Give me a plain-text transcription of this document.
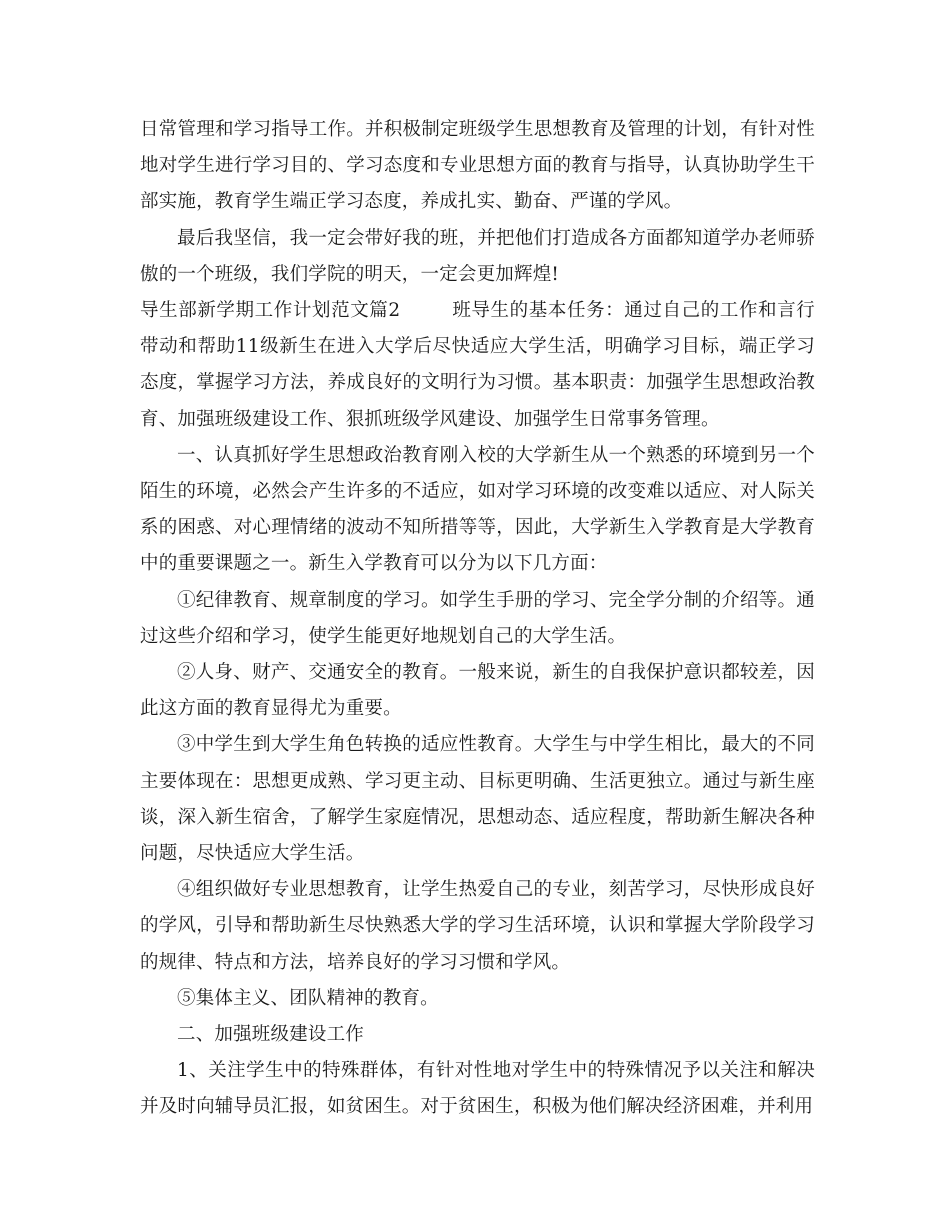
日常管理和学习指导工作。并积极制定班级学生思想教育及管理的计划，有针对性地对学生进行学习目的、学习态度和专业思想方面的教育与指导，认真协助学生干部实施，教育学生端正学习态度，养成扎实、勤奋、严谨的学风。

最后我坚信，我一定会带好我的班，并把他们打造成各方面都知道学办老师骄傲的一个班级，我们学院的明天，一定会更加辉煌!

导生部新学期工作计划范文篇2	班导生的基本任务：通过自己的工作和言行带动和帮助11级新生在进入大学后尽快适应大学生活，明确学习目标，端正学习态度，掌握学习方法，养成良好的文明行为习惯。基本职责：加强学生思想政治教育、加强班级建设工作、狠抓班级学风建设、加强学生日常事务管理。

一、认真抓好学生思想政治教育刚入校的大学新生从一个熟悉的环境到另一个陌生的环境，必然会产生许多的不适应，如对学习环境的改变难以适应、对人际关系的困惑、对心理情绪的波动不知所措等等，因此，大学新生入学教育是大学教育中的重要课题之一。新生入学教育可以分为以下几方面：

①纪律教育、规章制度的学习。如学生手册的学习、完全学分制的介绍等。通过这些介绍和学习，使学生能更好地规划自己的大学生活。

②人身、财产、交通安全的教育。一般来说，新生的自我保护意识都较差，因此这方面的教育显得尤为重要。

③中学生到大学生角色转换的适应性教育。大学生与中学生相比，最大的不同主要体现在：思想更成熟、学习更主动、目标更明确、生活更独立。通过与新生座谈，深入新生宿舍，了解学生家庭情况，思想动态、适应程度，帮助新生解决各种问题，尽快适应大学生活。

④组织做好专业思想教育，让学生热爱自己的专业，刻苦学习，尽快形成良好的学风，引导和帮助新生尽快熟悉大学的学习生活环境，认识和掌握大学阶段学习的规律、特点和方法，培养良好的学习习惯和学风。

⑤集体主义、团队精神的教育。

二、加强班级建设工作

1、关注学生中的特殊群体，有针对性地对学生中的特殊情况予以关注和解决并及时向辅导员汇报，如贫困生。对于贫困生，积极为他们解决经济困难，并利用
